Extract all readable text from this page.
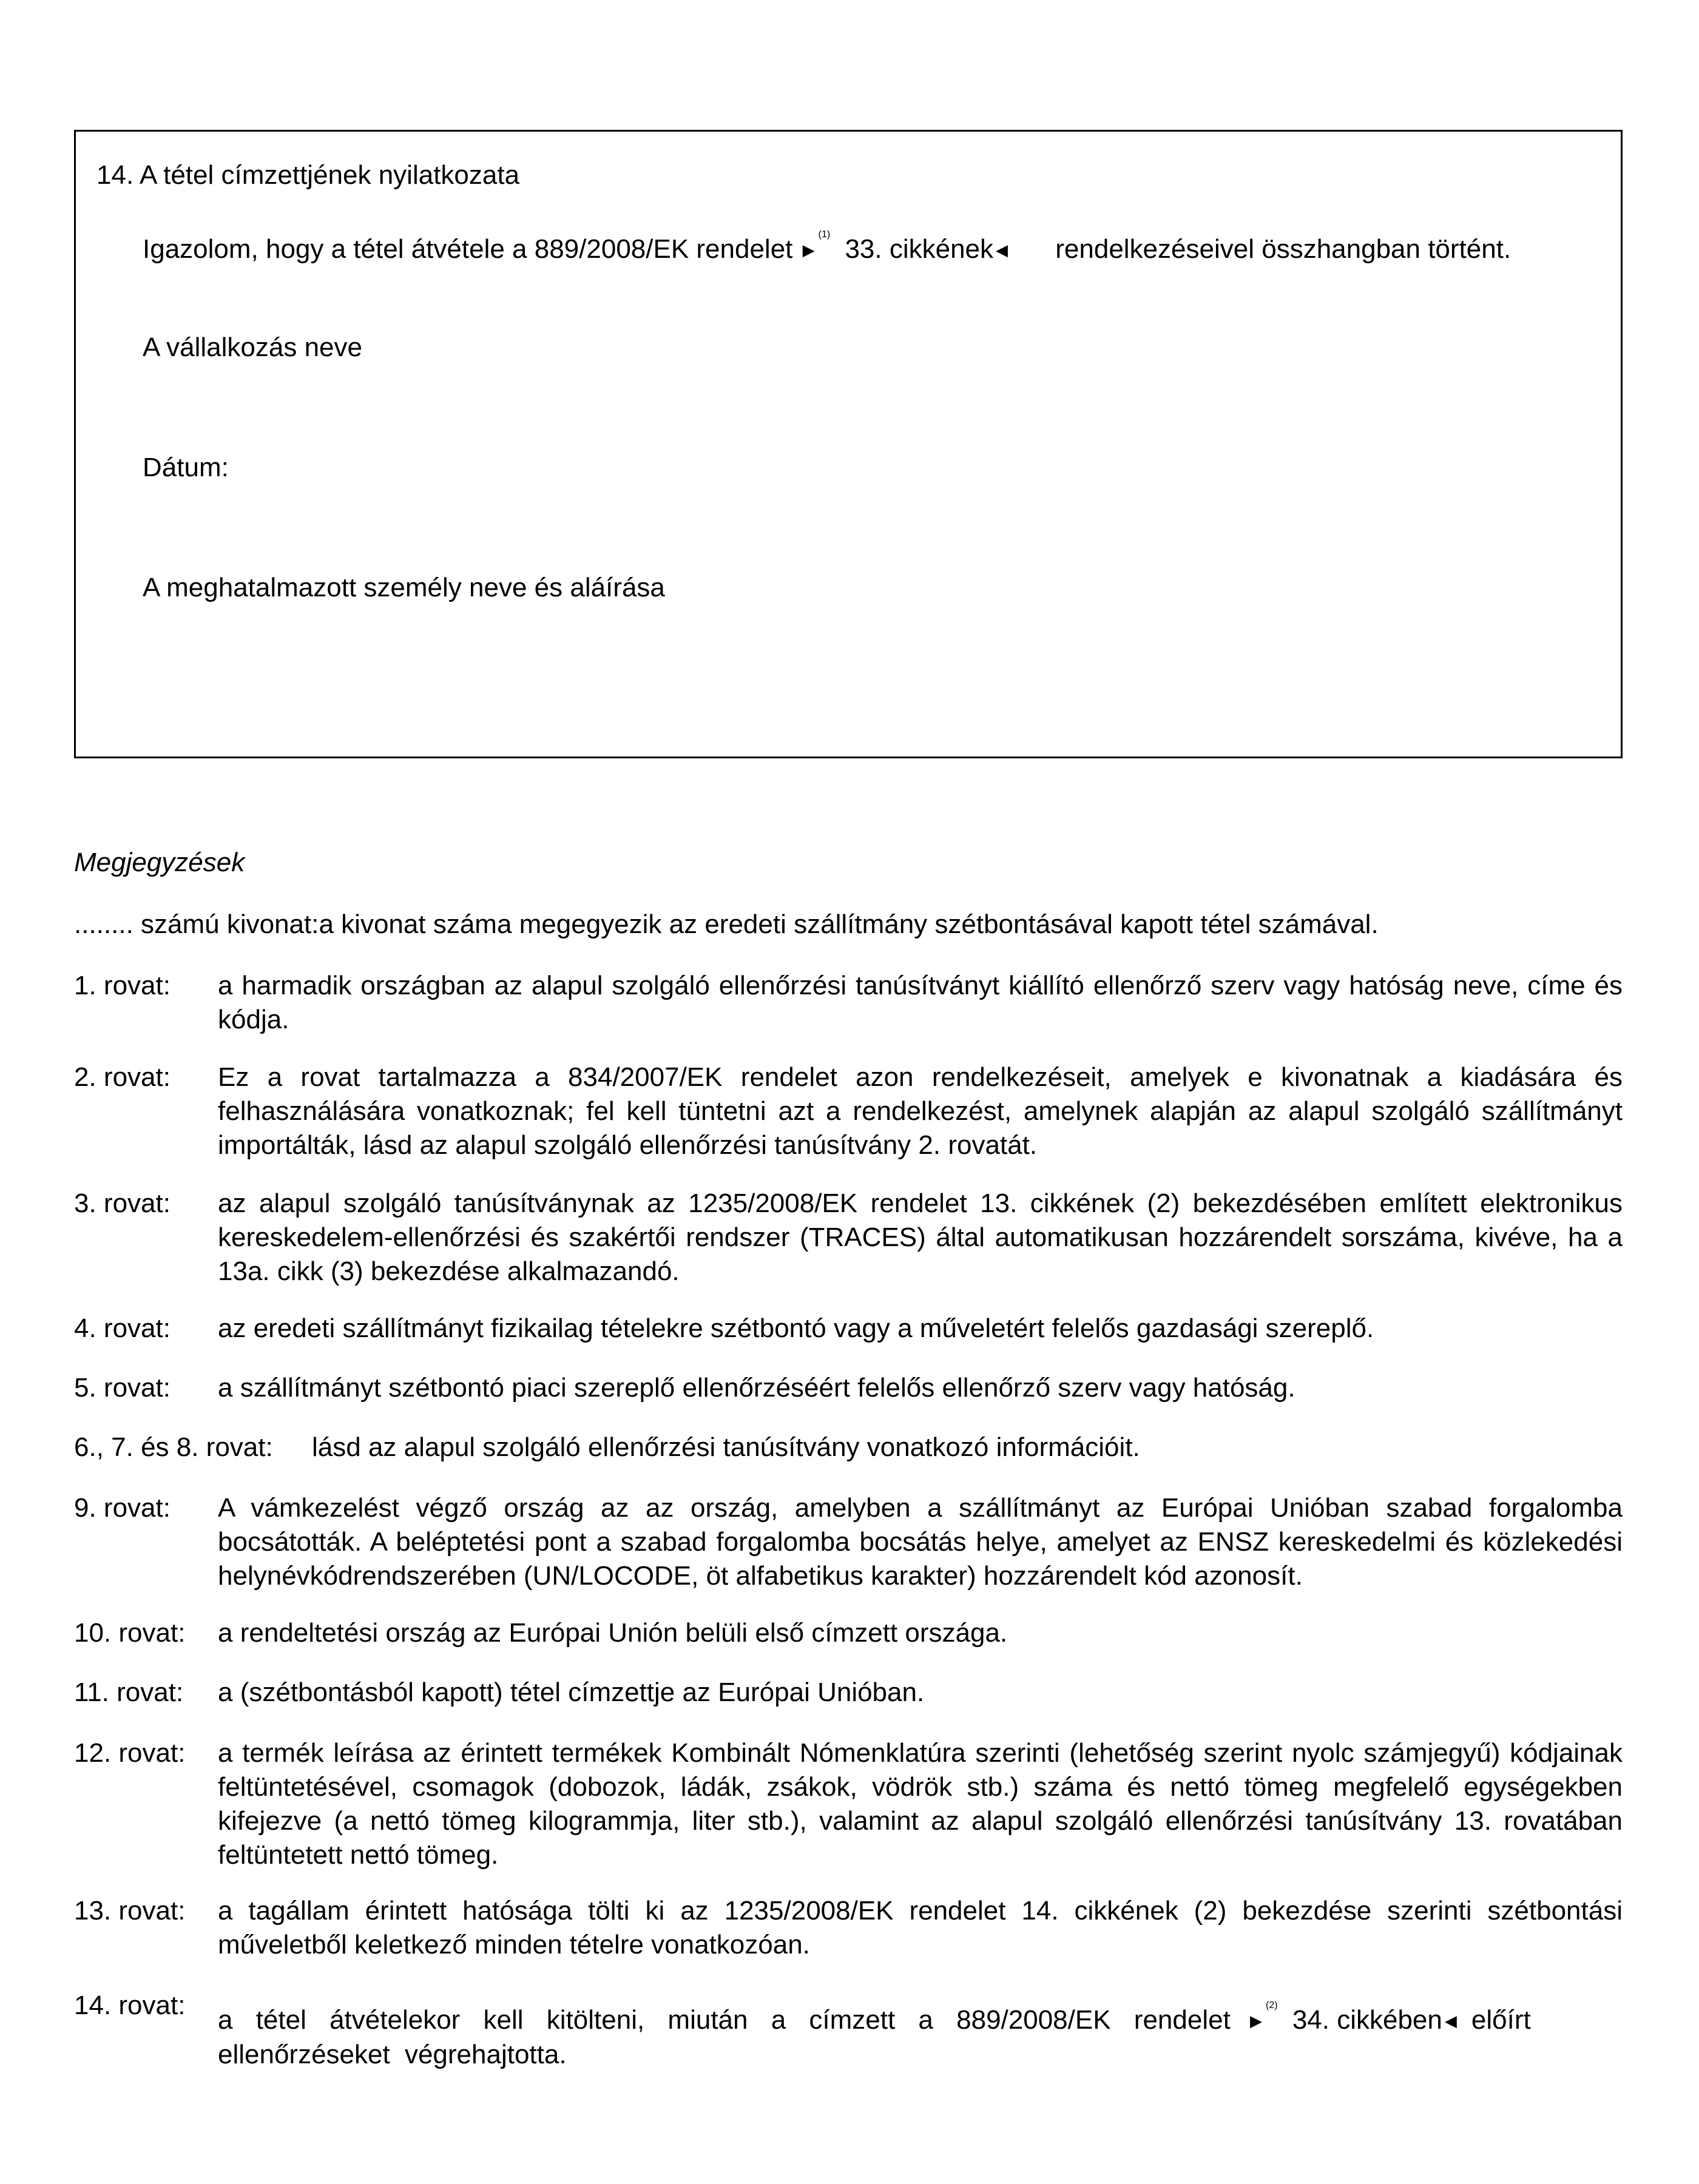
14. A tétel címzettjének nyilatkozata
Igazolom, hogy a tétel átvétele a 889/2008/EK rendelet ▶$^{(1)}$ 33. cikkének ◀ rendelkezéseivel összhangban történt.
A vállalkozás neve
Dátum:
A meghatalmazott személy neve és aláírása
Megjegyzések
........ számú kivonat: a kivonat száma megegyezik az eredeti szállítmány szétbontásával kapott tétel számával.
1. rovat:	a harmadik országban az alapul szolgáló ellenőrzési tanúsítványt kiállító ellenőrző szerv vagy hatóság neve, címe és kódja.
2. rovat:	Ez a rovat tartalmazza a 834/2007/EK rendelet azon rendelkezéseit, amelyek e kivonatnak a kiadására és felhasználására vonatkoznak; fel kell tüntetni azt a rendelkezést, amelynek alapján az alapul szolgáló szállítmányt importálták, lásd az alapul szolgáló ellenőrzési tanúsítvány 2. rovatát.
3. rovat:	az alapul szolgáló tanúsítványnak az 1235/2008/EK rendelet 13. cikkének (2) bekezdésében említett elektronikus kereskedelem-ellenőrzési és szakértői rendszer (TRACES) által automatikusan hozzárendelt sorszáma, kivéve, ha a 13a. cikk (3) bekezdése alkalmazandó.
4. rovat:	az eredeti szállítmányt fizikailag tételekre szétbontó vagy a műveletért felelős gazdasági szereplő.
5. rovat:	a szállítmányt szétbontó piaci szereplő ellenőrzéséért felelős ellenőrző szerv vagy hatóság.
6., 7. és 8. rovat:	lásd az alapul szolgáló ellenőrzési tanúsítvány vonatkozó információit.
9. rovat:	A vámkezelést végző ország az az ország, amelyben a szállítmányt az Európai Unióban szabad forgalomba bocsátották. A beléptetési pont a szabad forgalomba bocsátás helye, amelyet az ENSZ kereskedelmi és közlekedési helynévkódrendszerében (UN/LOCODE, öt alfabetikus karakter) hozzárendelt kód azonosít.
10. rovat:	a rendeltetési ország az Európai Unión belüli első címzett országa.
11. rovat:	a (szétbontásból kapott) tétel címzettje az Európai Unióban.
12. rovat:	a termék leírása az érintett termékek Kombinált Nómenklatúra szerinti (lehetőség szerint nyolc számjegyű) kódjainak feltüntetésével, csomagok (dobozok, ládák, zsákok, vödrök stb.) száma és nettó tömeg megfelelő egységekben kifejezve (a nettó tömeg kilogrammja, liter stb.), valamint az alapul szolgáló ellenőrzési tanúsítvány 13. rovatában feltüntetett nettó tömeg.
13. rovat:	a tagállam érintett hatósága tölti ki az 1235/2008/EK rendelet 14. cikkének (2) bekezdése szerinti szétbontási műveletből keletkező minden tételre vonatkozóan.
14. rovat:	a tétel átvételekor kell kitölteni, miután a címzett a 889/2008/EK rendelet ▶$^{(2)}$ 34. cikkében ◀ előírt ellenőrzéseket végrehajtotta.
